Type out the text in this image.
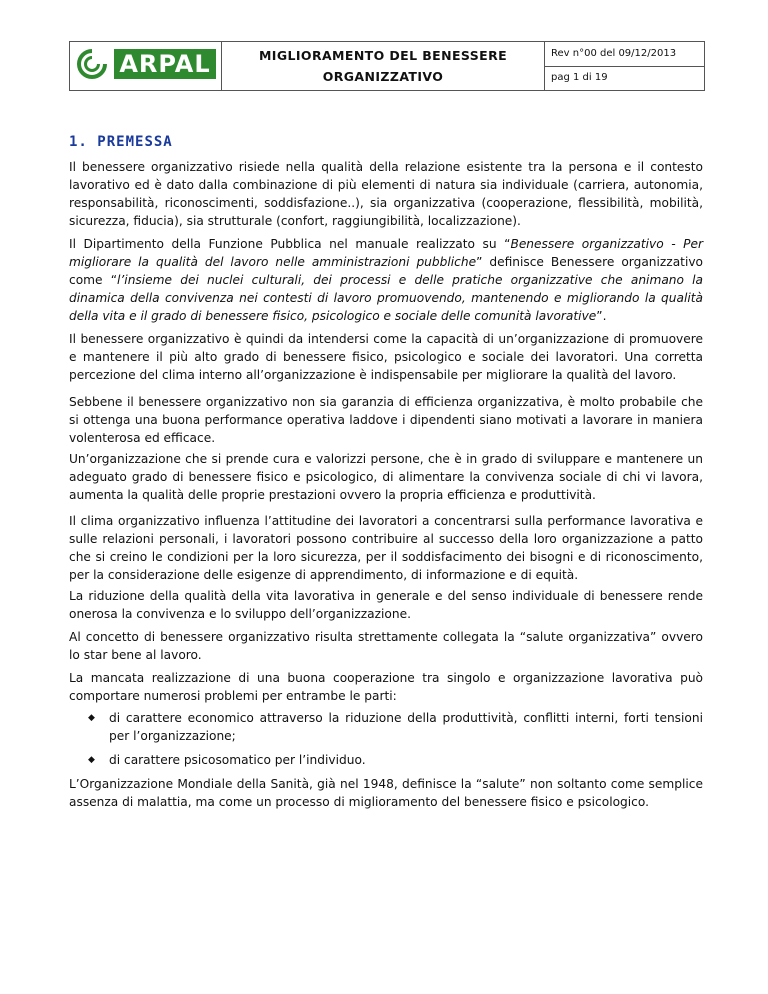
ARPAL	MIGLIORAMENTO DEL BENESSERE
ORGANIZZATIVO
	Rev n°00 del 09/12/2013
pag 1 di 19
1. PREMESSA

Il benessere organizzativo risiede nella qualità della relazione esistente tra la persona e il contesto lavorativo ed è dato dalla combinazione di più elementi di natura sia individuale (carriera, autonomia, responsabilità, riconoscimenti, soddisfazione..), sia organizzativa (cooperazione, flessibilità, mobilità, sicurezza, fiducia), sia strutturale (confort, raggiungibilità, localizzazione).

Il Dipartimento della Funzione Pubblica nel manuale realizzato su “Benessere organizzativo - Per migliorare la qualità del lavoro nelle amministrazioni pubbliche” definisce Benessere organizzativo come “l’insieme dei nuclei culturali, dei processi e delle pratiche organizzative che animano la dinamica della convivenza nei contesti di lavoro promuovendo, mantenendo e migliorando la qualità della vita e il grado di benessere fisico, psicologico e sociale delle comunità lavorative”.

Il benessere organizzativo è quindi da intendersi come la capacità di un’organizzazione di promuovere e mantenere il più alto grado di benessere fisico, psicologico e sociale dei lavoratori. Una corretta percezione del clima interno all’organizzazione è indispensabile per migliorare la qualità del lavoro.

Sebbene il benessere organizzativo non sia garanzia di efficienza organizzativa, è molto probabile che si ottenga una buona performance operativa laddove i dipendenti siano motivati a lavorare in maniera volenterosa ed efficace.

Un’organizzazione che si prende cura e valorizzi persone, che è in grado di sviluppare e mantenere un adeguato grado di benessere fisico e psicologico, di alimentare la convivenza sociale di chi vi lavora, aumenta la qualità delle proprie prestazioni ovvero la propria efficienza e produttività.

Il clima organizzativo influenza l’attitudine dei lavoratori a concentrarsi sulla performance lavorativa e sulle relazioni personali, i lavoratori possono contribuire al successo della loro organizzazione a patto che si creino le condizioni per la loro sicurezza, per il soddisfacimento dei bisogni e di riconoscimento, per la considerazione delle esigenze di apprendimento, di informazione e di equità.

La riduzione della qualità della vita lavorativa in generale e del senso individuale di benessere rende onerosa la convivenza e lo sviluppo dell’organizzazione.

Al concetto di benessere organizzativo risulta strettamente collegata la “salute organizzativa” ovvero lo star bene al lavoro.

La mancata realizzazione di una buona cooperazione tra singolo e organizzazione lavorativa può comportare numerosi problemi per entrambe le parti:

◆ di carattere economico attraverso la riduzione della produttività, conflitti interni, forti tensioni per l’organizzazione;
◆ di carattere psicosomatico per l’individuo.

L’Organizzazione Mondiale della Sanità, già nel 1948, definisce la “salute” non soltanto come semplice assenza di malattia, ma come un processo di miglioramento del benessere fisico e psicologico.
